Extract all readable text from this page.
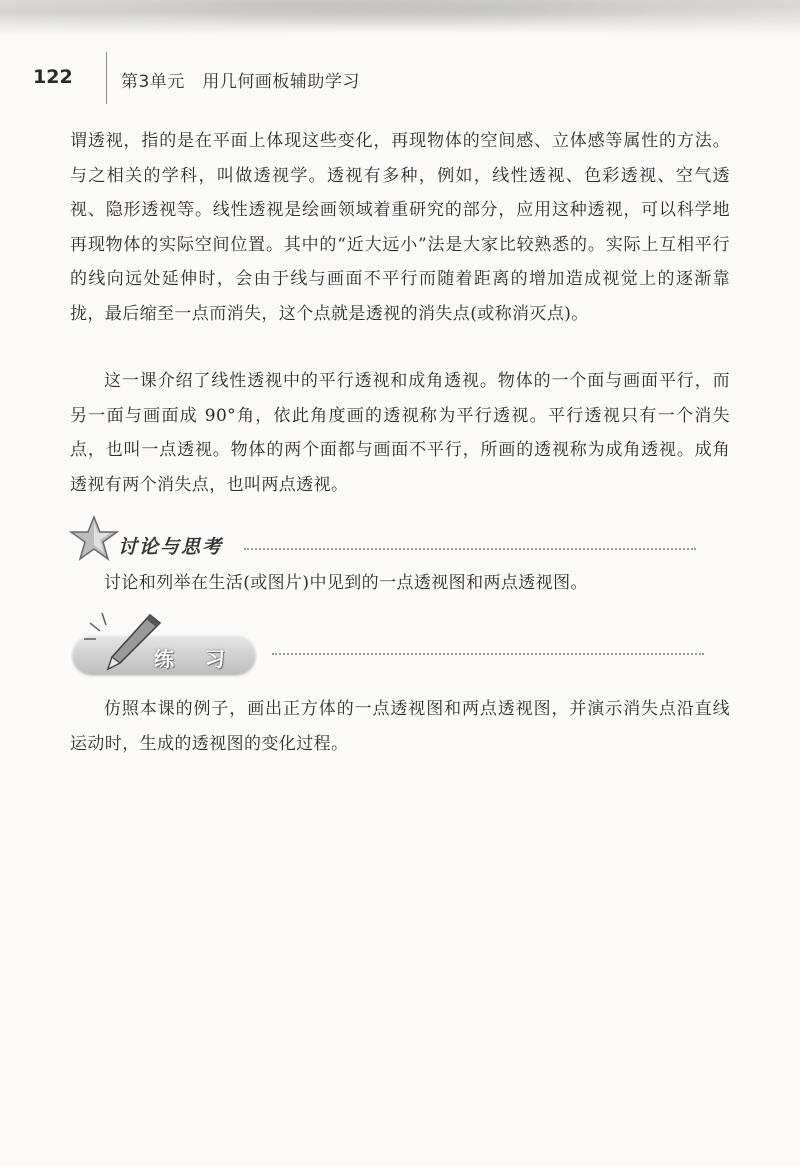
122	第3单元　用几何画板辅助学习
谓透视，指的是在平面上体现这些变化，再现物体的空间感、立体感等属性的方法。与之相关的学科，叫做透视学。透视有多种，例如，线性透视、色彩透视、空气透视、隐形透视等。线性透视是绘画领域着重研究的部分，应用这种透视，可以科学地再现物体的实际空间位置。其中的“近大远小”法是大家比较熟悉的。实际上互相平行的线向远处延伸时，会由于线与画面不平行而随着距离的增加造成视觉上的逐渐靠拢，最后缩至一点而消失，这个点就是透视的消失点(或称消灭点)。
这一课介绍了线性透视中的平行透视和成角透视。物体的一个面与画面平行，而另一面与画面成 90°角，依此角度画的透视称为平行透视。平行透视只有一个消失点，也叫一点透视。物体的两个面都与画面不平行，所画的透视称为成角透视。成角透视有两个消失点，也叫两点透视。
讨论与思考
讨论和列举在生活(或图片)中见到的一点透视图和两点透视图。
练 习
仿照本课的例子，画出正方体的一点透视图和两点透视图，并演示消失点沿直线运动时，生成的透视图的变化过程。
